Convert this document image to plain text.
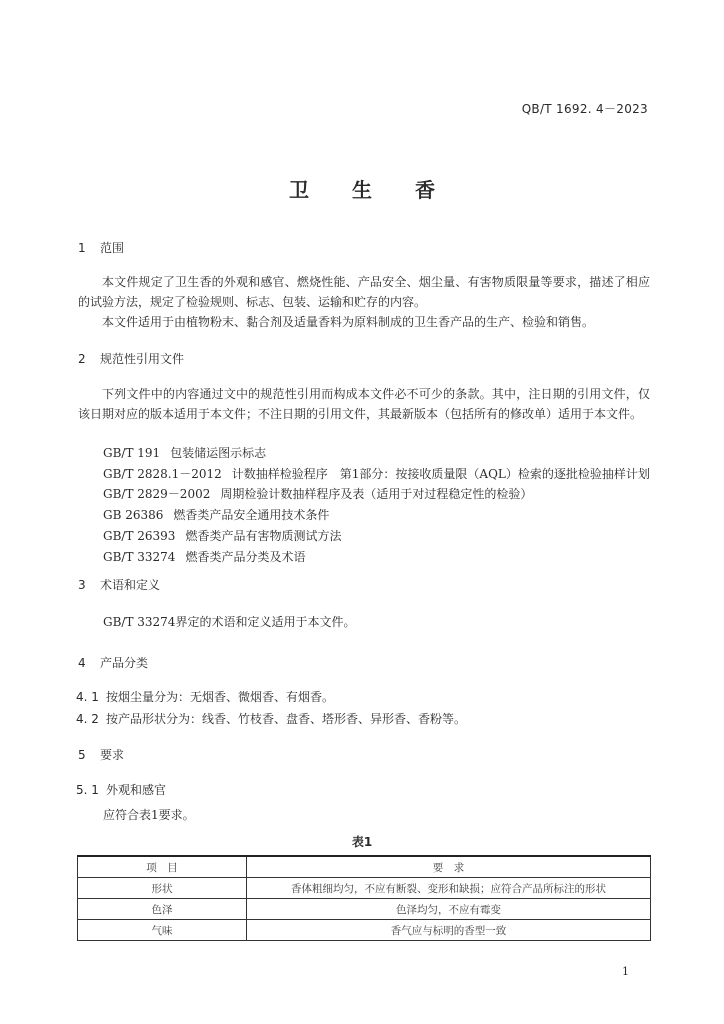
QB/T 1692. 4－2023
卫 生 香
1 范围
本文件规定了卫生香的外观和感官、燃烧性能、产品安全、烟尘量、有害物质限量等要求，描述了相应的试验方法，规定了检验规则、标志、包装、运输和贮存的内容。
本文件适用于由植物粉末、黏合剂及适量香料为原料制成的卫生香产品的生产、检验和销售。
2 规范性引用文件
下列文件中的内容通过文中的规范性引用而构成本文件必不可少的条款。其中，注日期的引用文件，仅该日期对应的版本适用于本文件；不注日期的引用文件，其最新版本（包括所有的修改单）适用于本文件。
GB/T 191 包装储运图示标志
GB/T 2828.1－2012 计数抽样检验程序　第1部分：按接收质量限（AQL）检索的逐批检验抽样计划
GB/T 2829－2002 周期检验计数抽样程序及表（适用于对过程稳定性的检验）
GB 26386 燃香类产品安全通用技术条件
GB/T 26393 燃香类产品有害物质测试方法
GB/T 33274 燃香类产品分类及术语
3 术语和定义
GB/T 33274界定的术语和定义适用于本文件。
4 产品分类
4. 1 按烟尘量分为：无烟香、微烟香、有烟香。
4. 2 按产品形状分为：线香、竹枝香、盘香、塔形香、异形香、香粉等。
5 要求
5. 1 外观和感官
应符合表1要求。
表1
项　目	要　求
形状	香体粗细均匀，不应有断裂、变形和缺损；应符合产品所标注的形状
色泽	色泽均匀，不应有霉变
气味	香气应与标明的香型一致
1
